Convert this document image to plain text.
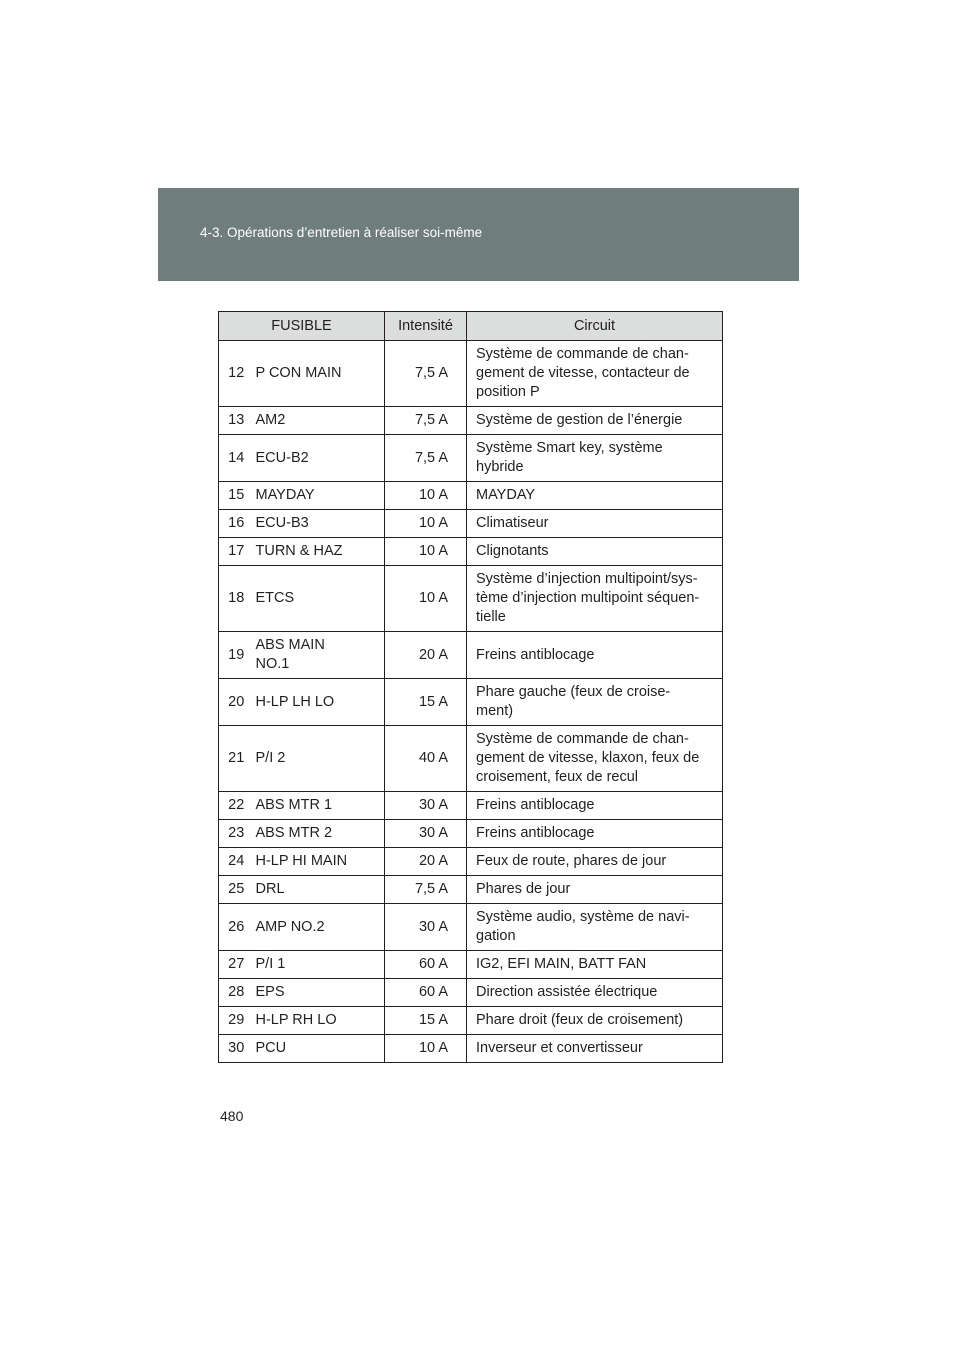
4-3. Opérations d’entretien à réaliser soi-même
FUSIBLE		Intensité	Circuit
12	P CON MAIN	7,5 A	Système de commande de chan-
gement de vitesse, contacteur de
position P

13	AM2	7,5 A	Système de gestion de l’énergie

14	ECU-B2	7,5 A	Système Smart key, système
hybride

15	MAYDAY	10 A	MAYDAY

16	ECU-B3	10 A	Climatiseur

17	TURN & HAZ	10 A	Clignotants

18	ETCS	10 A	Système d’injection multipoint/sys-
tème d’injection multipoint séquen-
tielle

19	ABS MAIN
NO.1	20 A	Freins antiblocage

20	H-LP LH LO	15 A	Phare gauche (feux de croise-
ment)

21	P/I 2	40 A	Système de commande de chan-
gement de vitesse, klaxon, feux de
croisement, feux de recul

22	ABS MTR 1	30 A	Freins antiblocage

23	ABS MTR 2	30 A	Freins antiblocage

24	H-LP HI MAIN	20 A	Feux de route, phares de jour

25	DRL	7,5 A	Phares de jour

26	AMP NO.2	30 A	Système audio, système de navi-
gation

27	P/I 1	60 A	IG2, EFI MAIN, BATT FAN

28	EPS	60 A	Direction assistée électrique

29	H-LP RH LO	15 A	Phare droit (feux de croisement)

30	PCU	10 A	Inverseur et convertisseur
480
